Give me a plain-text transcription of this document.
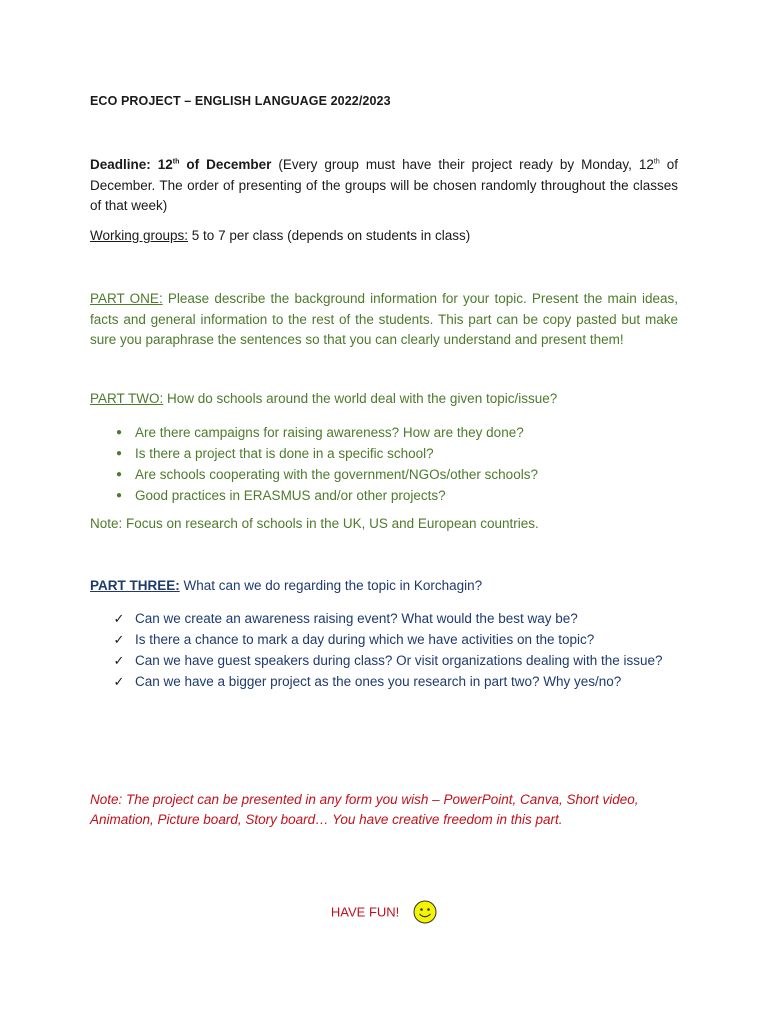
ECO PROJECT – ENGLISH LANGUAGE 2022/2023
Deadline: 12th of December (Every group must have their project ready by Monday, 12th of December. The order of presenting of the groups will be chosen randomly throughout the classes of that week)
Working groups: 5 to 7 per class (depends on students in class)
PART ONE: Please describe the background information for your topic. Present the main ideas, facts and general information to the rest of the students. This part can be copy pasted but make sure you paraphrase the sentences so that you can clearly understand and present them!
PART TWO: How do schools around the world deal with the given topic/issue?
● Are there campaigns for raising awareness? How are they done?
● Is there a project that is done in a specific school?
● Are schools cooperating with the government/NGOs/other schools?
● Good practices in ERASMUS and/or other projects?
Note: Focus on research of schools in the UK, US and European countries.
PART THREE: What can we do regarding the topic in Korchagin?
✓ Can we create an awareness raising event? What would the best way be?
✓ Is there a chance to mark a day during which we have activities on the topic?
✓ Can we have guest speakers during class? Or visit organizations dealing with the issue?
✓ Can we have a bigger project as the ones you research in part two? Why yes/no?
Note: The project can be presented in any form you wish – PowerPoint, Canva, Short video, Animation, Picture board, Story board… You have creative freedom in this part.
HAVE FUN!
